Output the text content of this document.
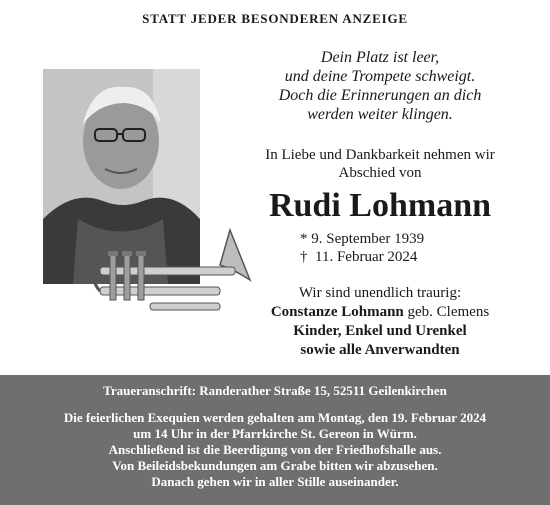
STATT JEDER BESONDEREN ANZEIGE
Dein Platz ist leer,
und deine Trompete schweigt.
Doch die Erinnerungen an dich
werden weiter klingen.
In Liebe und Dankbarkeit nehmen wir
Abschied von
Rudi Lohmann
* 9. September 1939
†  11. Februar 2024
Wir sind unendlich traurig:
Constanze Lohmann geb. Clemens
Kinder, Enkel und Urenkel
sowie alle Anverwandten
Traueranschrift: Randerather Straße 15, 52511 Geilenkirchen
Die feierlichen Exequien werden gehalten am Montag, den 19. Februar 2024
um 14 Uhr in der Pfarrkirche St. Gereon in Würm.
Anschließend ist die Beerdigung von der Friedhofshalle aus.
Von Beileidsbekundungen am Grabe bitten wir abzusehen.
Danach gehen wir in aller Stille auseinander.
